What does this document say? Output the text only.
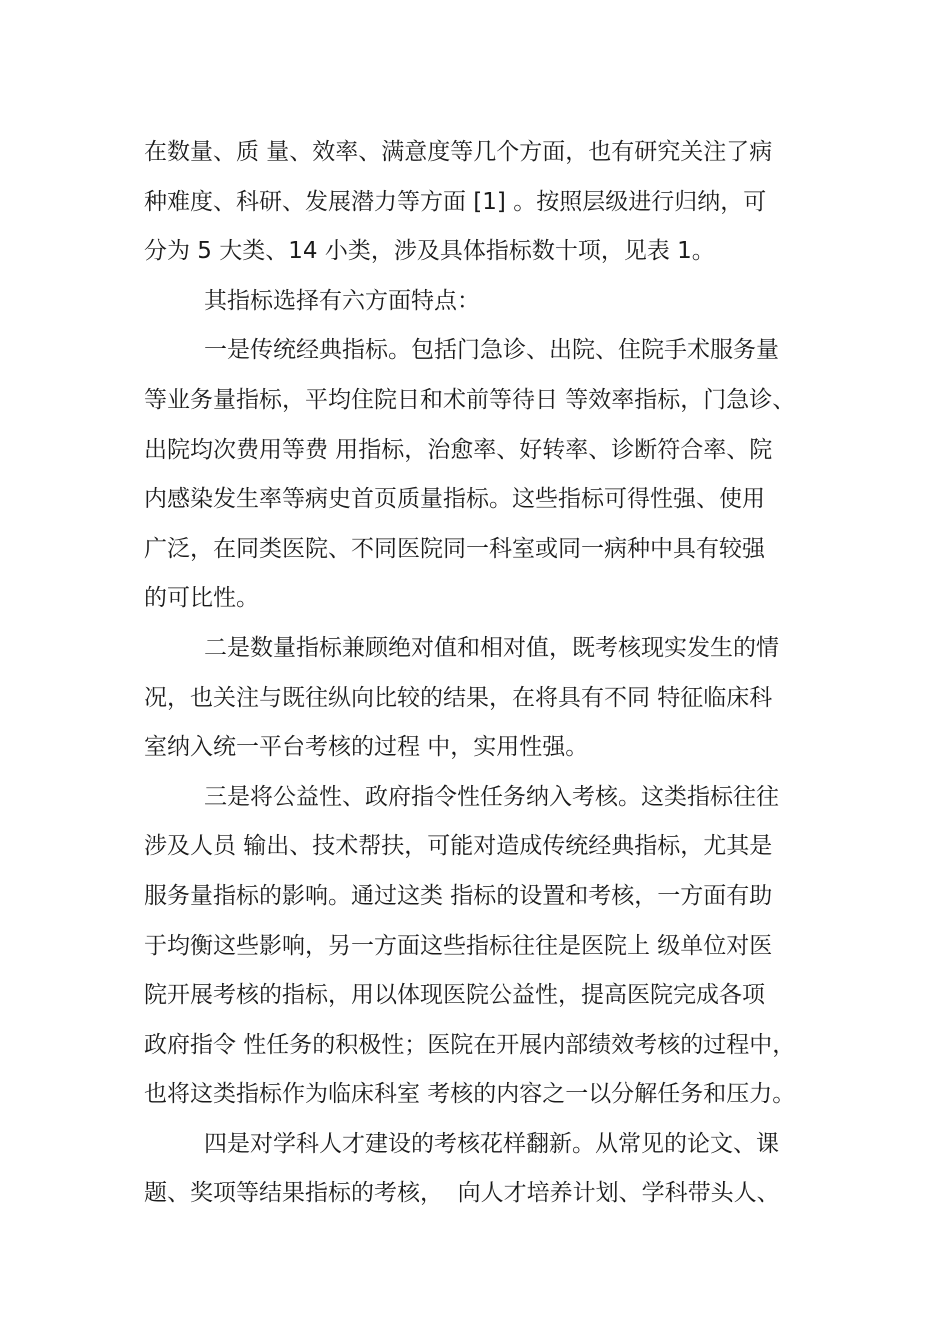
在数量、质 量、效率、满意度等几个方面，也有研究关注了病
种难度、科研、发展潜力等方面 [1] 。按照层级进行归纳，可
分为 5 大类、14 小类，涉及具体指标数十项，见表 1。
其指标选择有六方面特点：
一是传统经典指标。包括门急诊、出院、住院手术服务量
等业务量指标，平均住院日和术前等待日 等效率指标，门急诊、
出院均次费用等费 用指标，治愈率、好转率、诊断符合率、院
内感染发生率等病史首页质量指标。这些指标可得性强、使用
广泛，在同类医院、不同医院同一科室或同一病种中具有较强
的可比性。
二是数量指标兼顾绝对值和相对值，既考核现实发生的情
况，也关注与既往纵向比较的结果，在将具有不同 特征临床科
室纳入统一平台考核的过程 中，实用性强。
三是将公益性、政府指令性任务纳入考核。这类指标往往
涉及人员 输出、技术帮扶，可能对造成传统经典指标，尤其是
服务量指标的影响。通过这类 指标的设置和考核，一方面有助
于均衡这些影响，另一方面这些指标往往是医院上 级单位对医
院开展考核的指标，用以体现医院公益性，提高医院完成各项
政府指令 性任务的积极性；医院在开展内部绩效考核的过程中，
也将这类指标作为临床科室 考核的内容之一以分解任务和压力。
四是对学科人才建设的考核花样翻新。从常见的论文、课
题、奖项等结果指标的考核，  向人才培养计划、学科带头人、
